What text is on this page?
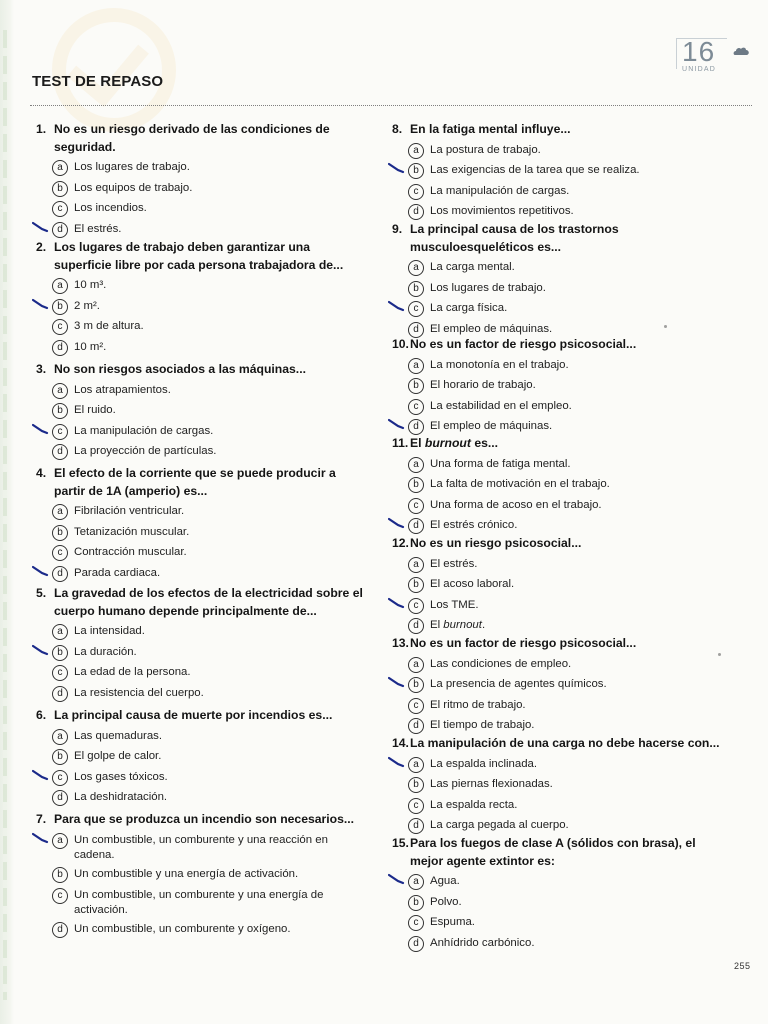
TEST DE REPASO
16
UNIDAD
1. No es un riesgo derivado de las condiciones de seguridad.
a Los lugares de trabajo.
b Los equipos de trabajo.
c	Los incendios.
d El estrés.
2. Los lugares de trabajo deben garantizar una superficie libre por cada persona trabajadora de...
a 10 m³.
b 2 m².
c	3 m de altura.
d 10 m².
3. No son riesgos asociados a las máquinas...
a Los atrapamientos.
b El ruido.
c	La manipulación de cargas.
d La proyección de partículas.
4. El efecto de la corriente que se puede producir a partir de 1A (amperio) es...
a Fibrilación ventricular.
b Tetanización muscular.
c	Contracción muscular.
d Parada cardiaca.
5. La gravedad de los efectos de la electricidad sobre el cuerpo humano depende principalmente de...
a La intensidad.
b La duración.
c	La edad de la persona.
d La resistencia del cuerpo.
6. La principal causa de muerte por incendios es...
a Las quemaduras.
b El golpe de calor.
c	Los gases tóxicos.
d La deshidratación.
7. Para que se produzca un incendio son necesarios...
a Un combustible, un comburente y una reacción en cadena.
b Un combustible y una energía de activación.
c	Un combustible, un comburente y una energía de activación.
d Un combustible, un comburente y oxígeno.
8. En la fatiga mental influye...
a La postura de trabajo.
b Las exigencias de la tarea que se realiza.
c	La manipulación de cargas.
d Los movimientos repetitivos.
9. La principal causa de los trastornos musculoesqueléticos es...
a La carga mental.
b Los lugares de trabajo.
c	La carga física.
d El empleo de máquinas.
10. No es un factor de riesgo psicosocial...
a La monotonía en el trabajo.
b El horario de trabajo.
c	La estabilidad en el empleo.
d El empleo de máquinas.
11. El burnout es...
a Una forma de fatiga mental.
b La falta de motivación en el trabajo.
c	Una forma de acoso en el trabajo.
d El estrés crónico.
12. No es un riesgo psicosocial...
a El estrés.
b El acoso laboral.
c	Los TME.
d El burnout.
13. No es un factor de riesgo psicosocial...
a Las condiciones de empleo.
b La presencia de agentes químicos.
c	El ritmo de trabajo.
d El tiempo de trabajo.
14. La manipulación de una carga no debe hacerse con...
a La espalda inclinada.
b Las piernas flexionadas.
c	La espalda recta.
d La carga pegada al cuerpo.
15. Para los fuegos de clase A (sólidos con brasa), el mejor agente extintor es:
a Agua.
b Polvo.
c	Espuma.
d Anhídrido carbónico.
255
